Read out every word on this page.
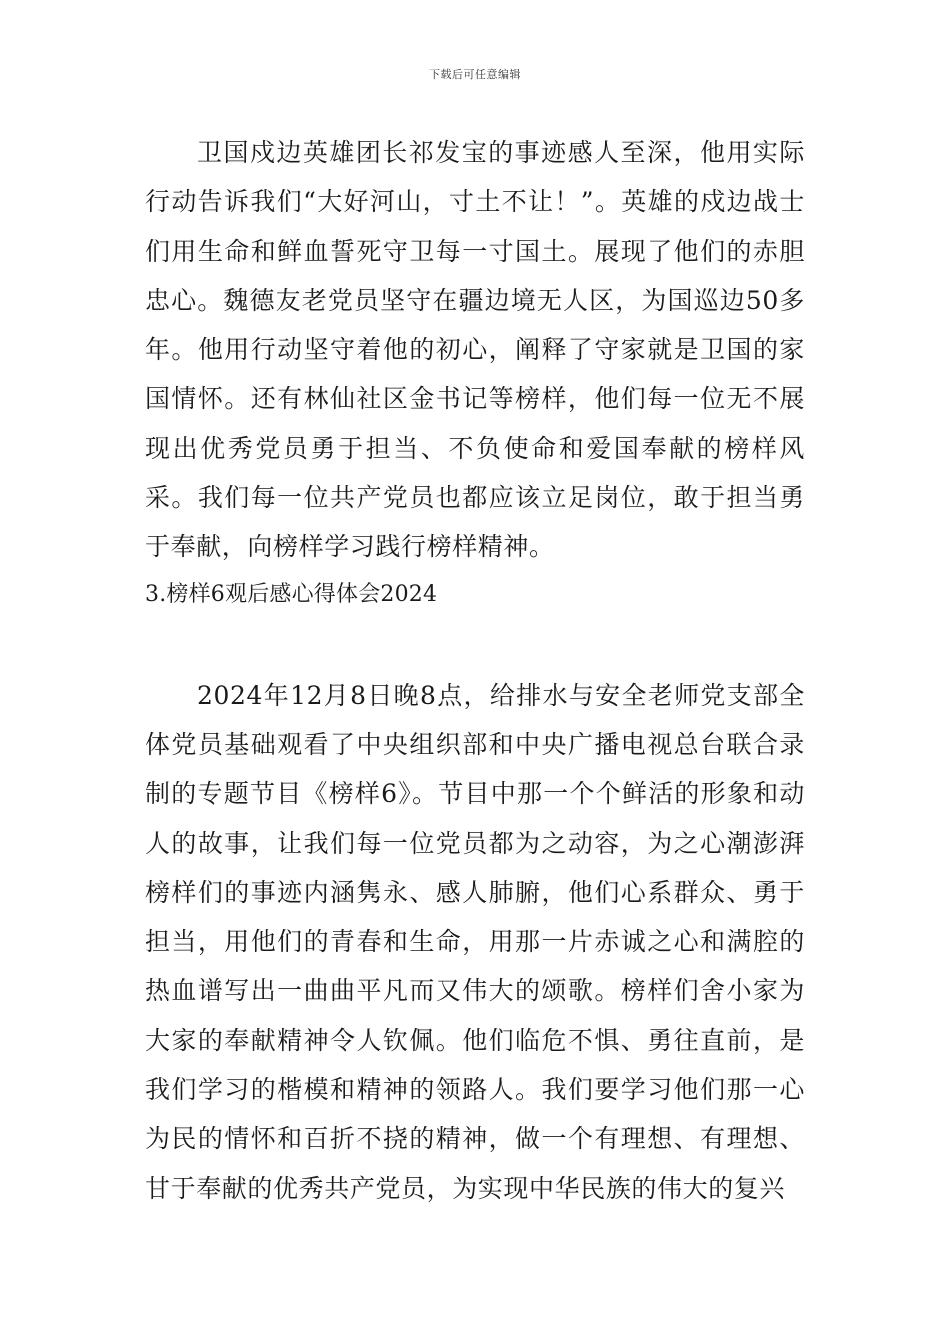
下载后可任意编辑

卫国戍边英雄团长祁发宝的事迹感人至深，他用实际行动告诉我们“大好河山，寸土不让！”。英雄的戍边战士们用生命和鲜血誓死守卫每一寸国土。展现了他们的赤胆忠心。魏德友老党员坚守在疆边境无人区，为国巡边50多年。他用行动坚守着他的初心，阐释了守家就是卫国的家国情怀。还有林仙社区金书记等榜样，他们每一位无不展现出优秀党员勇于担当、不负使命和爱国奉献的榜样风采。我们每一位共产党员也都应该立足岗位，敢于担当勇于奉献，向榜样学习践行榜样精神。

3.榜样6观后感心得体会2024

2024年12月8日晚8点，给排水与安全老师党支部全体党员基础观看了中央组织部和中央广播电视总台联合录制的专题节目《榜样6》。节目中那一个个鲜活的形象和动人的故事，让我们每一位党员都为之动容，为之心潮澎湃榜样们的事迹内涵隽永、感人肺腑，他们心系群众、勇于担当，用他们的青春和生命，用那一片赤诚之心和满腔的热血谱写出一曲曲平凡而又伟大的颂歌。榜样们舍小家为大家的奉献精神令人钦佩。他们临危不惧、勇往直前，是我们学习的楷模和精神的领路人。我们要学习他们那一心为民的情怀和百折不挠的精神，做一个有理想、有理想、甘于奉献的优秀共产党员，为实现中华民族的伟大的复兴
